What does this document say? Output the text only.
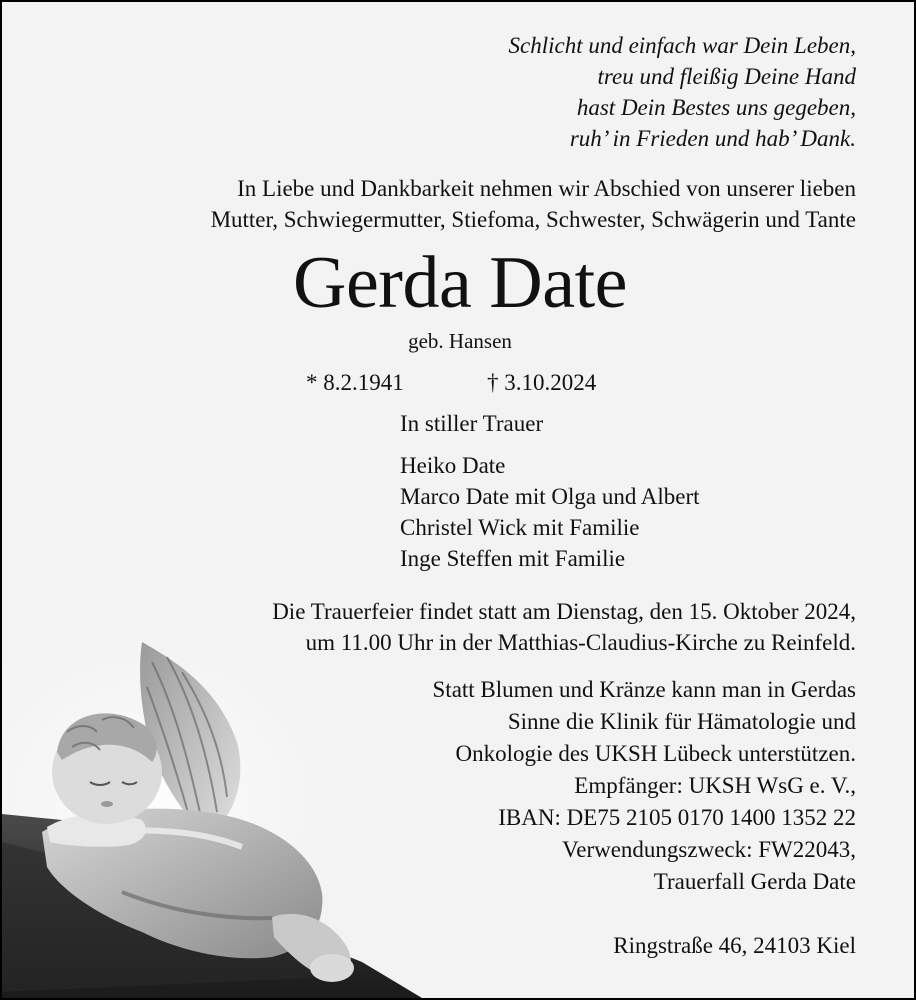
Schlicht und einfach war Dein Leben,
treu und fleißig Deine Hand
hast Dein Bestes uns gegeben,
ruh’ in Frieden und hab’ Dank.
In Liebe und Dankbarkeit nehmen wir Abschied von unserer lieben
Mutter, Schwiegermutter, Stiefoma, Schwester, Schwägerin und Tante
Gerda Date
geb. Hansen
* 8.2.1941	† 3.10.2024
In stiller Trauer
Heiko Date
Marco Date mit Olga und Albert
Christel Wick mit Familie
Inge Steffen mit Familie
Die Trauerfeier findet statt am Dienstag, den 15. Oktober 2024,
um 11.00 Uhr in der Matthias-Claudius-Kirche zu Reinfeld.
Statt Blumen und Kränze kann man in Gerdas
Sinne die Klinik für Hämatologie und
Onkologie des UKSH Lübeck unterstützen.
Empfänger: UKSH WsG e. V.,
IBAN: DE75 2105 0170 1400 1352 22
Verwendungszweck: FW22043,
Trauerfall Gerda Date
Ringstraße 46, 24103 Kiel
